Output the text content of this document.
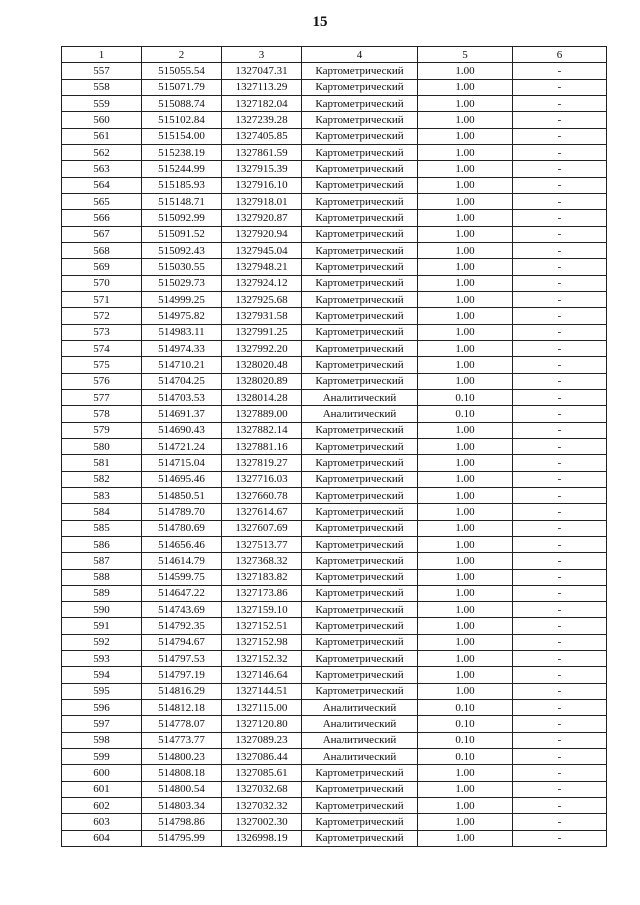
15
1	2	3	4	5	6
557	515055.54	1327047.31	Картометрический	1.00	-
558	515071.79	1327113.29	Картометрический	1.00	-
559	515088.74	1327182.04	Картометрический	1.00	-
560	515102.84	1327239.28	Картометрический	1.00	-
561	515154.00	1327405.85	Картометрический	1.00	-
562	515238.19	1327861.59	Картометрический	1.00	-
563	515244.99	1327915.39	Картометрический	1.00	-
564	515185.93	1327916.10	Картометрический	1.00	-
565	515148.71	1327918.01	Картометрический	1.00	-
566	515092.99	1327920.87	Картометрический	1.00	-
567	515091.52	1327920.94	Картометрический	1.00	-
568	515092.43	1327945.04	Картометрический	1.00	-
569	515030.55	1327948.21	Картометрический	1.00	-
570	515029.73	1327924.12	Картометрический	1.00	-
571	514999.25	1327925.68	Картометрический	1.00	-
572	514975.82	1327931.58	Картометрический	1.00	-
573	514983.11	1327991.25	Картометрический	1.00	-
574	514974.33	1327992.20	Картометрический	1.00	-
575	514710.21	1328020.48	Картометрический	1.00	-
576	514704.25	1328020.89	Картометрический	1.00	-
577	514703.53	1328014.28	Аналитический	0.10	-
578	514691.37	1327889.00	Аналитический	0.10	-
579	514690.43	1327882.14	Картометрический	1.00	-
580	514721.24	1327881.16	Картометрический	1.00	-
581	514715.04	1327819.27	Картометрический	1.00	-
582	514695.46	1327716.03	Картометрический	1.00	-
583	514850.51	1327660.78	Картометрический	1.00	-
584	514789.70	1327614.67	Картометрический	1.00	-
585	514780.69	1327607.69	Картометрический	1.00	-
586	514656.46	1327513.77	Картометрический	1.00	-
587	514614.79	1327368.32	Картометрический	1.00	-
588	514599.75	1327183.82	Картометрический	1.00	-
589	514647.22	1327173.86	Картометрический	1.00	-
590	514743.69	1327159.10	Картометрический	1.00	-
591	514792.35	1327152.51	Картометрический	1.00	-
592	514794.67	1327152.98	Картометрический	1.00	-
593	514797.53	1327152.32	Картометрический	1.00	-
594	514797.19	1327146.64	Картометрический	1.00	-
595	514816.29	1327144.51	Картометрический	1.00	-
596	514812.18	1327115.00	Аналитический	0.10	-
597	514778.07	1327120.80	Аналитический	0.10	-
598	514773.77	1327089.23	Аналитический	0.10	-
599	514800.23	1327086.44	Аналитический	0.10	-
600	514808.18	1327085.61	Картометрический	1.00	-
601	514800.54	1327032.68	Картометрический	1.00	-
602	514803.34	1327032.32	Картометрический	1.00	-
603	514798.86	1327002.30	Картометрический	1.00	-
604	514795.99	1326998.19	Картометрический	1.00	-
